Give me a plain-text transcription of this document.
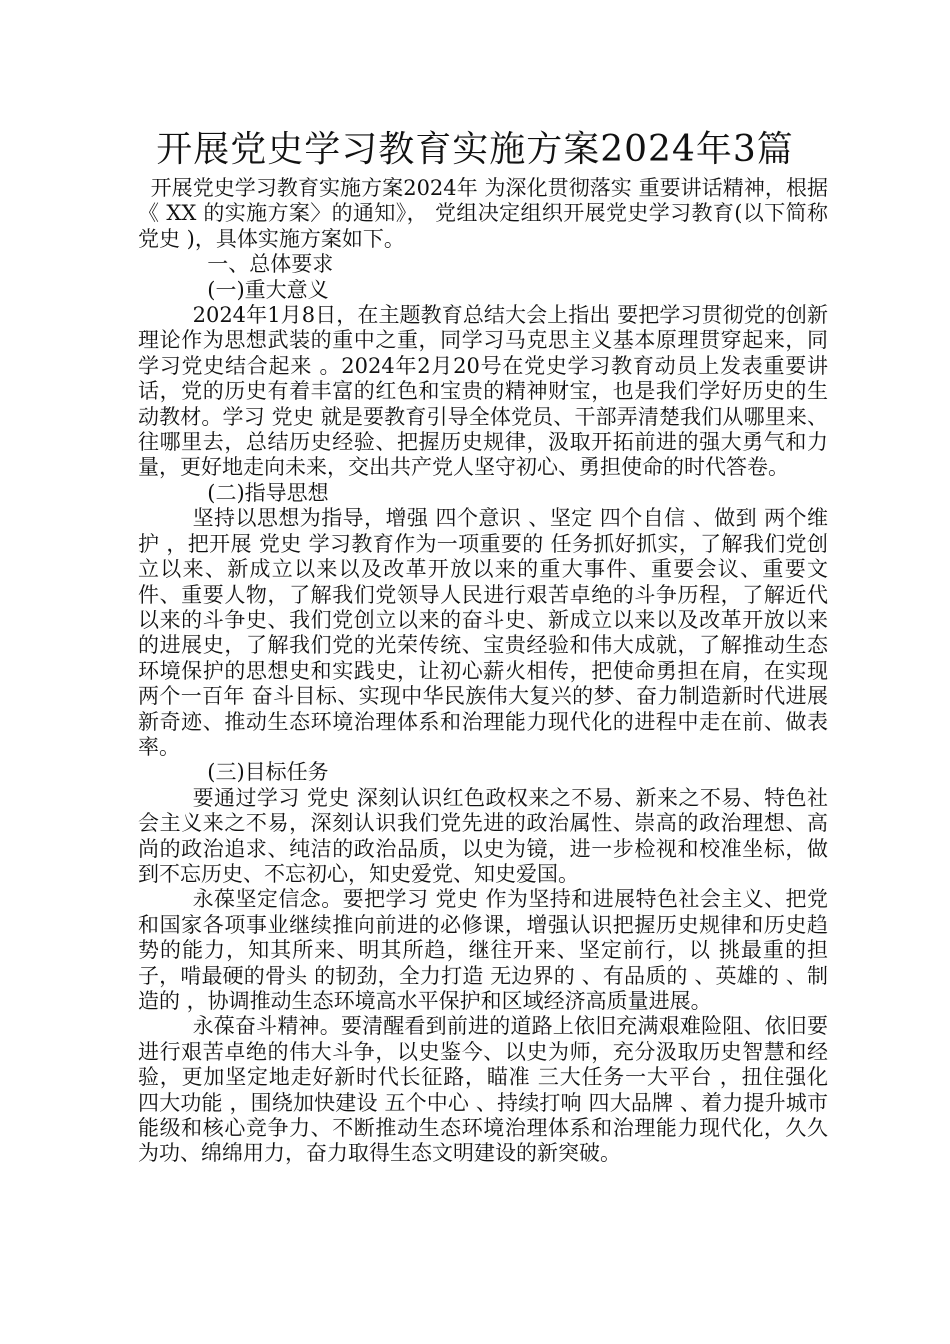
开展党史学习教育实施方案2024年3篇

开展党史学习教育实施方案2024年 为深化贯彻落实 重要讲话精神，根据《 XX 的实施方案〉的通知》， 党组决定组织开展党史学习教育(以下简称 党史 )，具体实施方案如下。

一、总体要求

(一)重大意义

2024年1月8日，在主题教育总结大会上指出 要把学习贯彻党的创新理论作为思想武装的重中之重，同学习马克思主义基本原理贯穿起来，同学习党史结合起来 。2024年2月20号在党史学习教育动员上发表重要讲话，党的历史有着丰富的红色和宝贵的精神财宝，也是我们学好历史的生动教材。学习 党史 就是要教育引导全体党员、干部弄清楚我们从哪里来、往哪里去，总结历史经验、把握历史规律，汲取开拓前进的强大勇气和力量，更好地走向未来，交出共产党人坚守初心、勇担使命的时代答卷。

(二)指导思想

坚持以思想为指导，增强 四个意识 、坚定 四个自信 、做到 两个维护 ，把开展 党史 学习教育作为一项重要的 任务抓好抓实，了解我们党创立以来、新成立以来以及改革开放以来的重大事件、重要会议、重要文件、重要人物，了解我们党领导人民进行艰苦卓绝的斗争历程，了解近代以来的斗争史、我们党创立以来的奋斗史、新成立以来以及改革开放以来的进展史，了解我们党的光荣传统、宝贵经验和伟大成就，了解推动生态环境保护的思想史和实践史，让初心薪火相传，把使命勇担在肩，在实现 两个一百年 奋斗目标、实现中华民族伟大复兴的梦、奋力制造新时代进展新奇迹、推动生态环境治理体系和治理能力现代化的进程中走在前、做表率。

(三)目标任务

要通过学习 党史 深刻认识红色政权来之不易、新来之不易、特色社会主义来之不易，深刻认识我们党先进的政治属性、崇高的政治理想、高尚的政治追求、纯洁的政治品质，以史为镜，进一步检视和校准坐标，做到不忘历史、不忘初心，知史爱党、知史爱国。

永葆坚定信念。要把学习 党史 作为坚持和进展特色社会主义、把党和国家各项事业继续推向前进的必修课，增强认识把握历史规律和历史趋势的能力，知其所来、明其所趋，继往开来、坚定前行，以 挑最重的担子，啃最硬的骨头 的韧劲，全力打造 无边界的 、有品质的 、英雄的 、制造的 ，协调推动生态环境高水平保护和区域经济高质量进展。

永葆奋斗精神。要清醒看到前进的道路上依旧充满艰难险阻、依旧要进行艰苦卓绝的伟大斗争，以史鉴今、以史为师，充分汲取历史智慧和经验，更加坚定地走好新时代长征路，瞄准 三大任务一大平台 ，扭住强化 四大功能 ，围绕加快建设 五个中心 、持续打响 四大品牌 、着力提升城市能级和核心竞争力、不断推动生态环境治理体系和治理能力现代化，久久为功、绵绵用力，奋力取得生态文明建设的新突破。
